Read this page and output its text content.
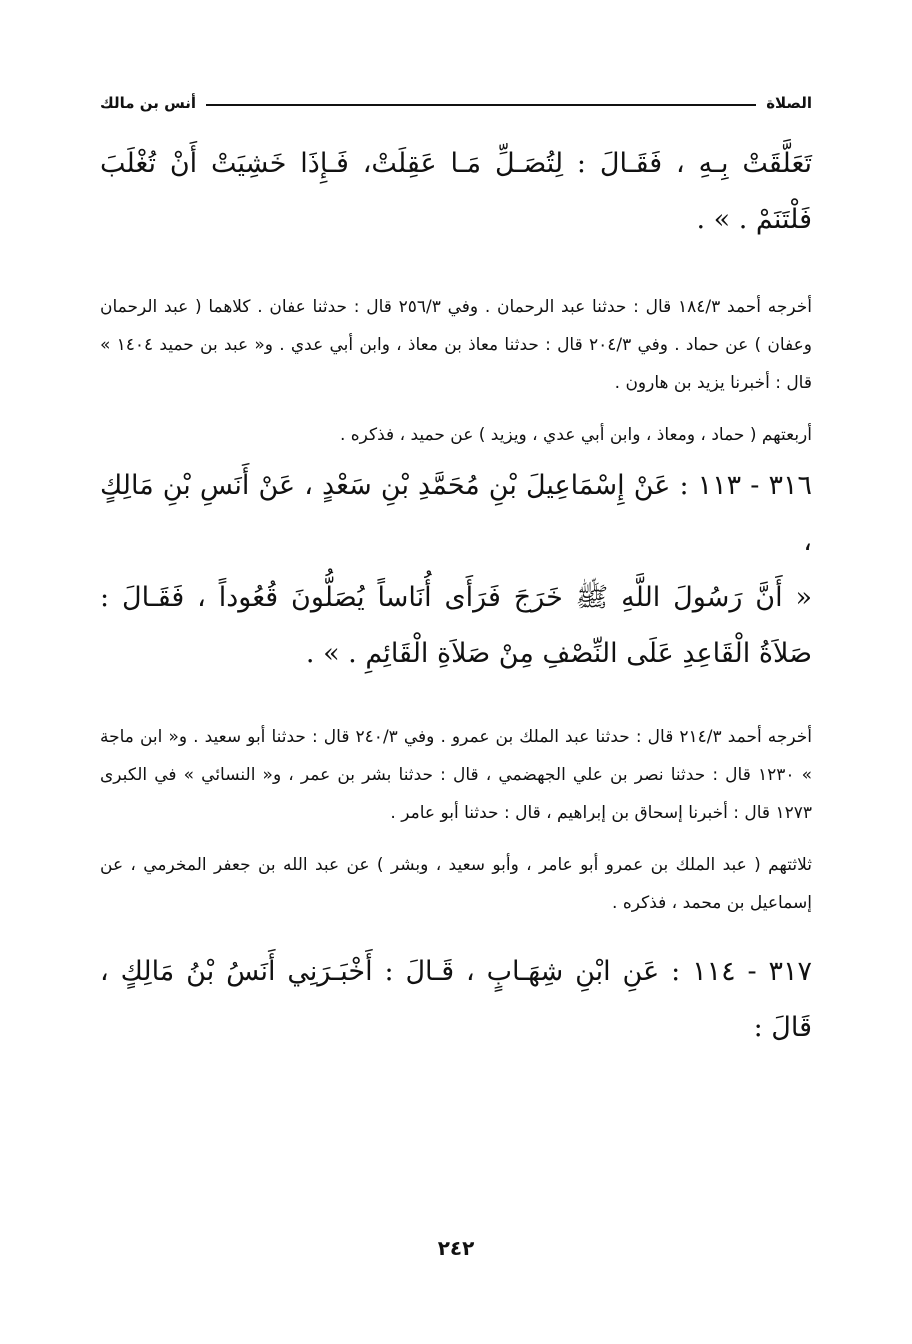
الصلاة
أنس بن مالك

تَعَلَّقَتْ بِـهِ ، فَقَـالَ : لِتُصَـلِّ مَـا عَقِلَتْ، فَـإِذَا خَشِيَتْ أَنْ تُغْلَبَ فَلْتَنَمْ . » .

أخرجه أحمد ١٨٤/٣ قال : حدثنا عبد الرحمان . وفي ٢٥٦/٣ قال : حدثنا عفان . كلاهما ( عبد الرحمان وعفان ) عن حماد . وفي ٢٠٤/٣ قال : حدثنا معاذ بن معاذ ، وابن أبي عدي . و« عبد بن حميد ١٤٠٤ » قال : أخبرنا يزيد بن هارون .

أربعتهم ( حماد ، ومعاذ ، وابن أبي عدي ، ويزيد ) عن حميد ، فذكره .

٣١٦ - ١١٣ : عَنْ إِسْمَاعِيلَ بْنِ مُحَمَّدِ بْنِ سَعْدٍ ، عَنْ أَنَسِ بْنِ مَالِكٍ ،

« أَنَّ رَسُولَ اللَّهِ ﷺ خَرَجَ فَرَأَى أُنَاساً يُصَلُّونَ قُعُوداً ، فَقَـالَ : صَلاَةُ الْقَاعِدِ عَلَى النِّصْفِ مِنْ صَلاَةِ الْقَائِمِ . » .

أخرجه أحمد ٢١٤/٣ قال : حدثنا عبد الملك بن عمرو . وفي ٢٤٠/٣ قال : حدثنا أبو سعيد . و« ابن ماجة » ١٢٣٠ قال : حدثنا نصر بن علي الجهضمي ، قال : حدثنا بشر بن عمر ، و« النسائي » في الكبرى ١٢٧٣ قال : أخبرنا إسحاق بن إبراهيم ، قال : حدثنا أبو عامر .

ثلاثتهم ( عبد الملك بن عمرو أبو عامر ، وأبو سعيد ، وبشر ) عن عبد الله بن جعفر المخرمي ، عن إسماعيل بن محمد ، فذكره .

٣١٧ - ١١٤ : عَنِ ابْنِ شِهَـابٍ ، قَـالَ : أَخْبَـرَنِي أَنَسُ بْنُ مَالِكٍ ، قَالَ :

٢٤٢
